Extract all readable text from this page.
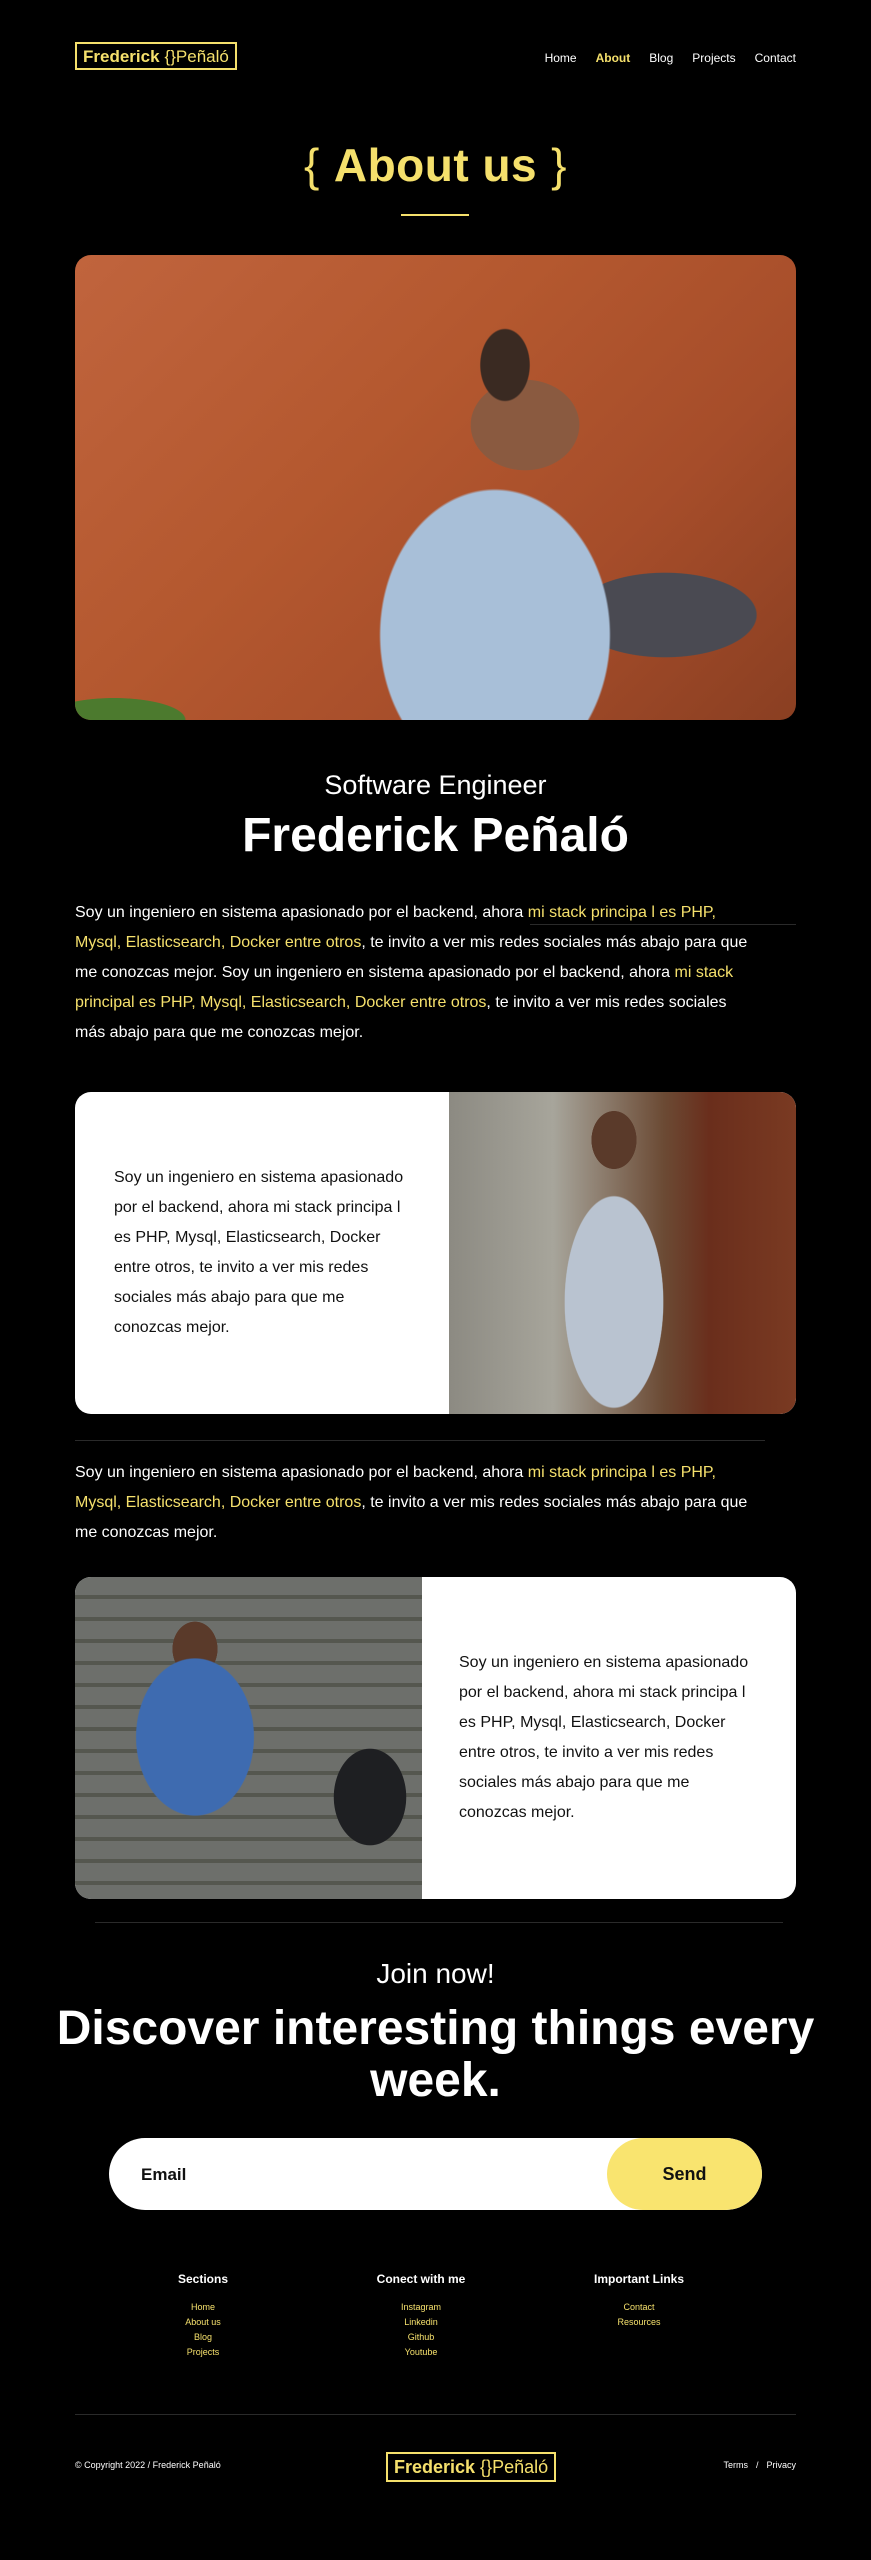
Frederick {} Peñaló	Home About Blog Projects Contact
{ About us }
Software Engineer
Frederick Peñaló

Soy un ingeniero en sistema apasionado por el backend, ahora mi stack principa l es PHP, Mysql, Elasticsearch, Docker entre otros, te invito a ver mis redes sociales más abajo para que me conozcas mejor. Soy un ingeniero en sistema apasionado por el backend, ahora mi stack principal es PHP, Mysql, Elasticsearch, Docker entre otros, te invito a ver mis redes sociales más abajo para que me conozcas mejor.

Soy un ingeniero en sistema apasionado por el backend, ahora mi stack principa l es PHP, Mysql, Elasticsearch, Docker entre otros, te invito a ver mis redes sociales más abajo para que me conozcas mejor.

Soy un ingeniero en sistema apasionado por el backend, ahora mi stack principa l es PHP, Mysql, Elasticsearch, Docker entre otros, te invito a ver mis redes sociales más abajo para que me conozcas mejor.

Soy un ingeniero en sistema apasionado por el backend, ahora mi stack principa l es PHP, Mysql, Elasticsearch, Docker entre otros, te invito a ver mis redes sociales más abajo para que me conozcas mejor.
Join now!
Discover interesting things every week.
Email
Send
Sections
Home
About us
Blog
Projects
Conect with me
Instagram
Linkedin
Github
Youtube
Important Links
Contact
Resources
© Copyright 2022 / Frederick Peñaló	Frederick {} Peñaló	Terms / Privacy
